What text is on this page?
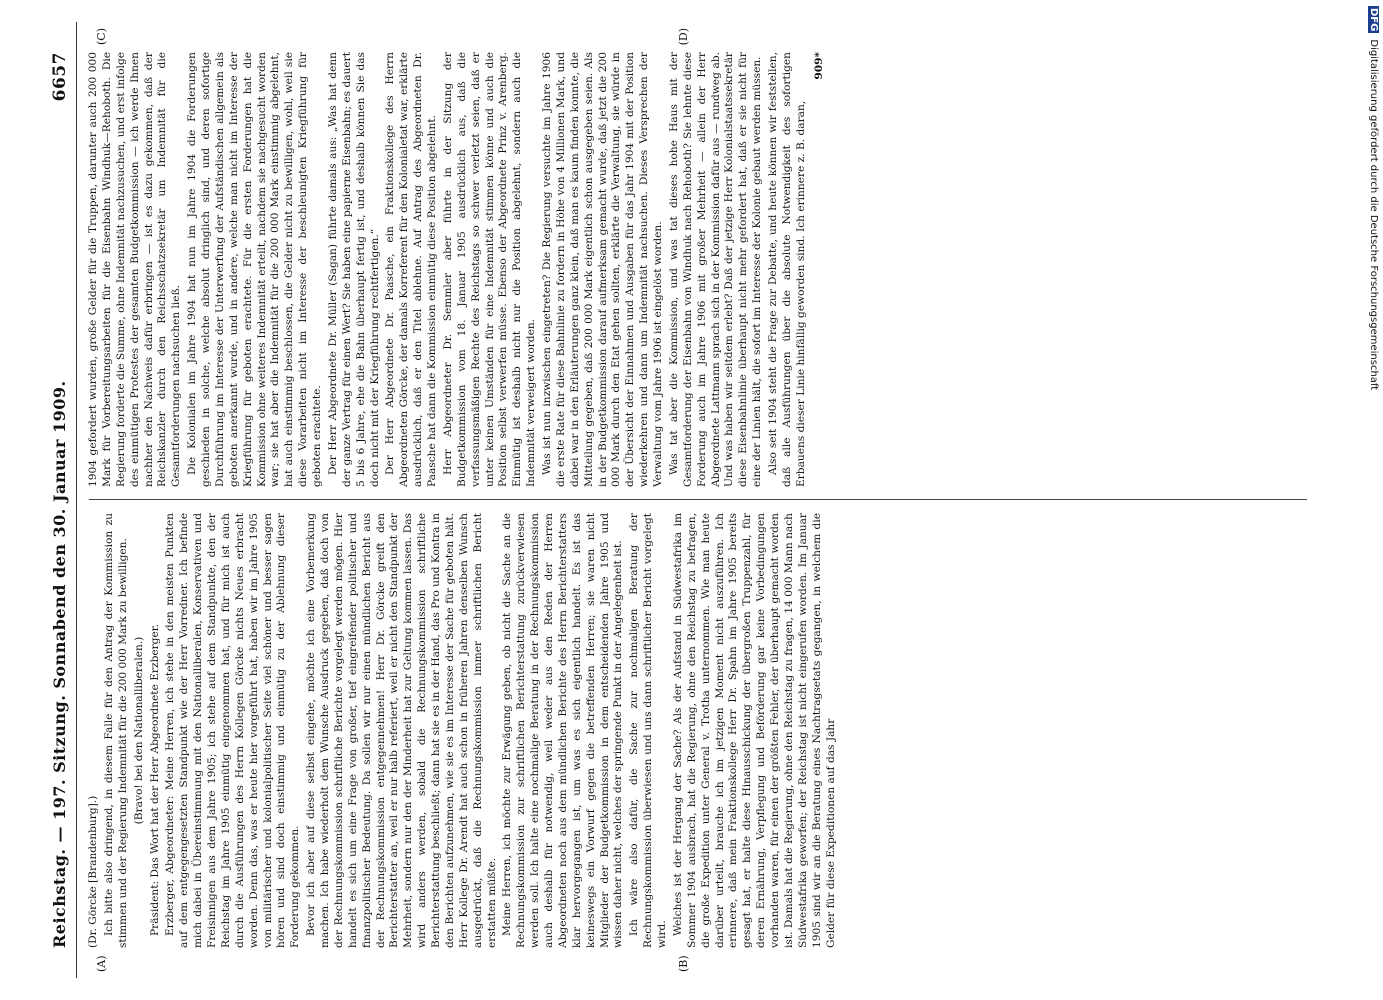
DFGDigitalisierung gefördert durch die Deutsche Forschungsgemeinschaft
Reichstag. — 197. Sitzung. Sonnabend den 30. Januar 1909.
6657
(A)	(B)
(C)	(D)

(Dr. Görcke [Brandenburg].) Ich bitte also dringend, in diesem Falle für den Antrag der Kommission zu stimmen und der Regierung Indemnität für die 200 000 Mark zu bewilligen. (Bravo! bei den Nationalliberalen.) Präsident: Das Wort hat der Herr Abgeordnete Erzberger. Erzberger, Abgeordneter: Meine Herren, ich stehe in den meisten Punkten auf dem entgegengesetzten Standpunkt wie der Herr Vorredner. Ich befinde mich dabei in Übereinstimmung mit den Nationalliberalen, Konservativen und Freisinnigen aus dem Jahre 1905; ich stehe auf dem Standpunkte, den der Reichstag im Jahre 1905 einmütig eingenommen hat, und für mich ist auch durch die Ausführungen des Herrn Kollegen Görcke nichts Neues erbracht worden. Denn das, was er heute hier vorgeführt hat, haben wir im Jahre 1905 von militärischer und kolonialpolitischer Seite viel schöner und besser sagen hören und sind doch einstimmig und einmütig zu der Ablehnung dieser Forderung gekommen. Bevor ich aber auf diese selbst eingehe, möchte ich eine Vorbemerkung machen. Ich habe wiederholt dem Wunsche Ausdruck gegeben, daß doch von der Rechnungskommission schriftliche Berichte vorgelegt werden mögen. Hier handelt es sich um eine Frage von großer, tief eingreifender politischer und finanzpolitischer Bedeutung. Da sollen wir nur einen mündlichen Bericht aus der Rechnungskommission entgegennehmen! Herr Dr. Görcke greift den Berichterstatter an, weil er nur halb referiert, weil er nicht den Standpunkt der Mehrheit, sondern nur den der Minderheit hat zur Geltung kommen lassen. Das wird anders werden, sobald die Rechnungskommission schriftliche Berichterstattung beschließt; dann hat sie es in der Hand, das Pro und Kontra in den Berichten aufzunehmen, wie sie es im Interesse der Sache für geboten hält. Herr Kollege Dr. Arendt hat auch schon in früheren Jahren denselben Wunsch ausgedrückt, daß die Rechnungskommission immer schriftlichen Bericht erstatten müßte. Meine Herren, ich möchte zur Erwägung geben, ob nicht die Sache an die Rechnungskommission zur schriftlichen Berichterstattung zurückverwiesen werden soll. Ich halte eine nochmalige Beratung in der Rechnungskommission auch deshalb für notwendig, weil weder aus den Reden der Herren Abgeordneten noch aus dem mündlichen Berichte des Herrn Berichterstatters klar hervorgegangen ist, um was es sich eigentlich handelt. Es ist das keineswegs ein Vorwurf gegen die betreffenden Herren; sie waren nicht Mitglieder der Budgetkommission in dem entscheidenden Jahre 1905 und wissen daher nicht, welches der springende Punkt in der Angelegenheit ist. Ich wäre also dafür, die Sache zur nochmaligen Beratung der Rechnungskommission überwiesen und uns dann schriftlicher Bericht vorgelegt wird. Welches ist der Hergang der Sache? Als der Aufstand in Südwestafrika im Sommer 1904 ausbrach, hat die Regierung, ohne den Reichstag zu befragen, die große Expedition unter General v. Trotha unternommen. Wie man heute darüber urteilt, brauche ich im jetzigen Moment nicht auszuführen. Ich erinnere, daß mein Fraktionskollege Herr Dr. Spahn im Jahre 1905 bereits gesagt hat, er halte diese Hinausschickung der übergroßen Truppenzahl, für deren Ernährung, Verpflegung und Beförderung gar keine Vorbedingungen vorhanden waren, für einen der größten Fehler, der überhaupt gemacht worden ist. Damals hat die Regierung, ohne den Reichstag zu fragen, 14 000 Mann nach Südwestafrika geworfen; der Reichstag ist nicht eingerufen worden. Im Januar 1905 sind wir an die Beratung eines Nachtragsetats gegangen, in welchem die Gelder für diese Expeditionen auf das Jahr

1904 gefordert wurden, große Gelder für die Truppen, darunter auch 200 000 Mark für Vorbereitungsarbeiten für die Eisenbahn Windhuk—Rehoboth. Die Regierung forderte die Summe, ohne Indemnität nachzusuchen, und erst infolge des einmütigen Protestes der gesamten Budgetkommission — ich werde Ihnen nachher den Nachweis dafür erbringen — ist es dazu gekommen, daß der Reichskanzler durch den Reichsschatzsekretär um Indemnität für die Gesamtforderungen nachsuchen ließ. Die Kolonialen im Jahre 1904 hat nun im Jahre 1904 die Forderungen geschieden in solche, welche absolut dringlich sind, und deren sofortige Durchführung im Interesse der Unterwerfung der Aufständischen allgemein als geboten anerkannt wurde, und in andere, welche man nicht im Interesse der Kriegführung für geboten erachtete. Für die ersten Forderungen hat die Kommission ohne weiteres Indemnität erteilt, nachdem sie nachgesucht worden war; sie hat aber die Indemnität für die 200 000 Mark einstimmig abgelehnt, hat auch einstimmig beschlossen, die Gelder nicht zu bewilligen, wohl, weil sie diese Vorarbeiten nicht im Interesse der beschleunigten Kriegführung für geboten erachtete. Der Herr Abgeordnete Dr. Müller (Sagan) führte damals aus: „Was hat denn der ganze Vertrag für einen Wert? Sie haben eine papierne Eisenbahn; es dauert 5 bis 6 Jahre, ehe die Bahn überhaupt fertig ist, und deshalb können Sie das doch nicht mit der Kriegführung rechtfertigen.“ Der Herr Abgeordnete Dr. Paasche, ein Fraktionskollege des Herrn Abgeordneten Görcke, der damals Korreferent für den Kolonialetat war, erklärte ausdrücklich, daß er den Titel ablehne. Auf Antrag des Abgeordneten Dr. Paasche hat dann die Kommission einmütig diese Position abgelehnt. Herr Abgeordneter Dr. Semmler aber führte in der Sitzung der Budgetkommission vom 18. Januar 1905 ausdrücklich aus, daß die verfassungsmäßigen Rechte des Reichstags so schwer verletzt seien, daß er unter keinen Umständen für eine Indemnität stimmen könne und auch die Position selbst verwerfen müsse. Ebenso der Abgeordnete Prinz v. Arenberg. Einmütig ist deshalb nicht nur die Position abgelehnt, sondern auch die Indemnität verweigert worden. Was ist nun inzwischen eingetreten? Die Regierung versuchte im Jahre 1906 die erste Rate für diese Bahnlinie zu fordern in Höhe von 4 Millionen Mark, und dabei war in den Erläuterungen ganz klein, daß man es kaum finden konnte, die Mitteilung gegeben, daß 200 000 Mark eigentlich schon ausgegeben seien. Als in der Budgetkommission darauf aufmerksam gemacht wurde, daß jetzt die 200 000 Mark durch den Etat gehen sollten, erklärte die Verwaltung, sie würde in der Übersicht der Einnahmen und Ausgaben für das Jahr 1904 mit der Position wiederkehren und dann um Indemnität nachsuchen. Dieses Versprechen der Verwaltung vom Jahre 1906 ist eingelöst worden. Was tat aber die Kommission, und was tat dieses hohe Haus mit der Gesamtforderung der Eisenbahn von Windhuk nach Rehoboth? Sie lehnte diese Forderung auch im Jahre 1906 mit großer Mehrheit — allein der Herr Abgeordnete Lattmann sprach sich in der Kommission dafür aus — rundweg ab. Und was haben wir seitdem erlebt? Daß der jetzige Herr Kolonialstaatssekretär diese Eisenbahnlinie überhaupt nicht mehr gefordert hat, daß er sie nicht für eine der Linien hält, die sofort im Interesse der Kolonie gebaut werden müssen. Also seit 1904 steht die Frage zur Debatte, und heute können wir feststellen, daß alle Ausführungen über die absolute Notwendigkeit des sofortigen Erbauens dieser Linie hinfällig geworden sind. Ich erinnere z. B. daran,

909*
